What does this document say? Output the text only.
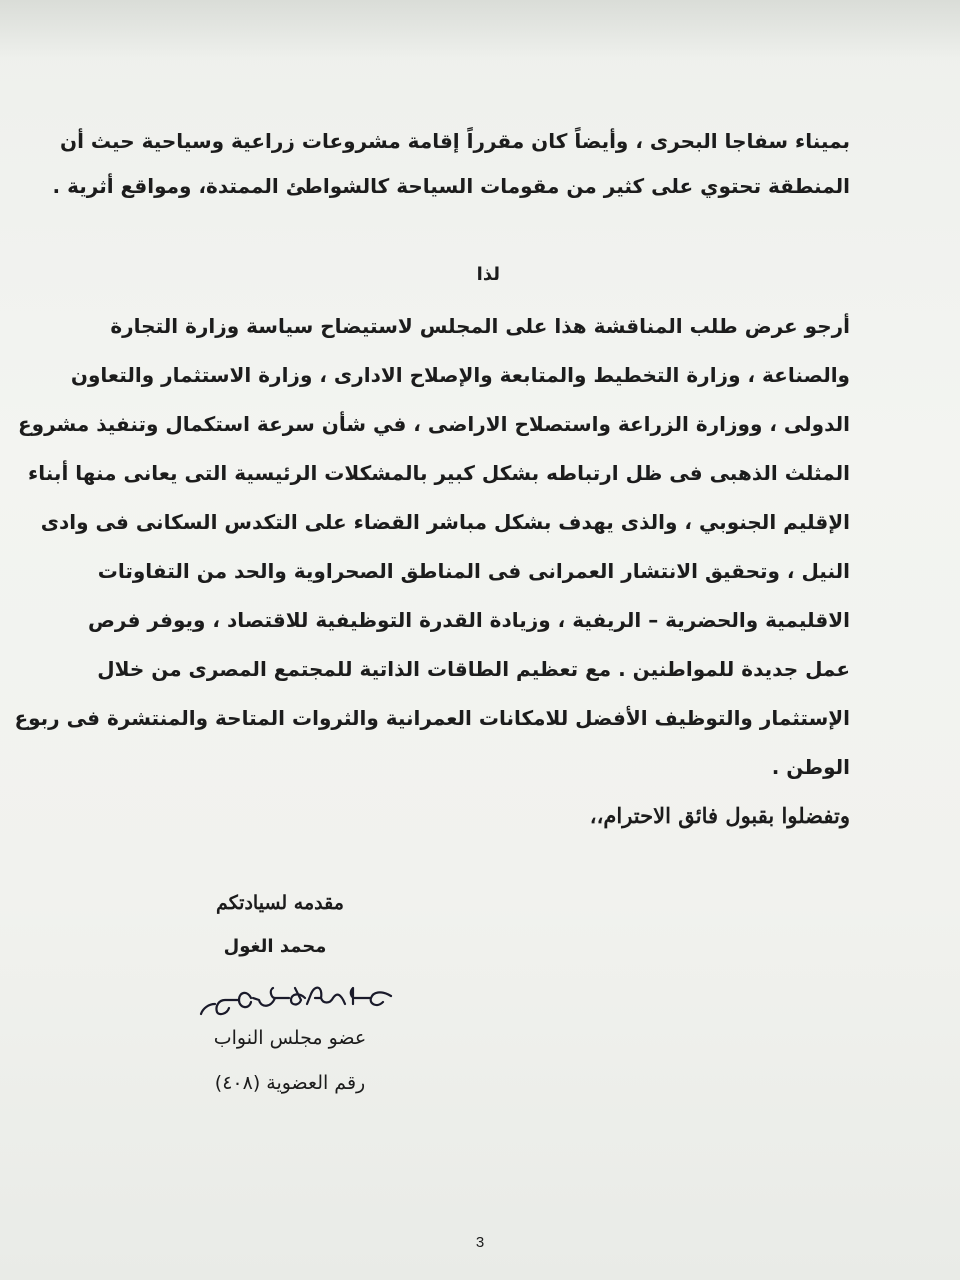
بميناء سفاجا البحرى ، وأيضاً كان مقرراً إقامة مشروعات زراعية وسياحية حيث أن
المنطقة تحتوي على كثير من مقومات السياحة كالشواطئ الممتدة، ومواقع أثرية .
لذا
أرجو عرض طلب المناقشة هذا على المجلس لاستيضاح سياسة وزارة التجارة
والصناعة ، وزارة التخطيط والمتابعة والإصلاح الادارى ، وزارة الاستثمار والتعاون
الدولى ، ووزارة الزراعة واستصلاح الاراضى ، في شأن سرعة استكمال وتنفيذ مشروع
المثلث الذهبى فى ظل ارتباطه بشكل كبير بالمشكلات الرئيسية التى يعانى منها أبناء
الإقليم الجنوبي ، والذى يهدف بشكل مباشر القضاء على التكدس السكانى فى وادى
النيل ، وتحقيق الانتشار العمرانى فى المناطق الصحراوية والحد من التفاوتات
الاقليمية والحضرية – الريفية ، وزيادة القدرة التوظيفية للاقتصاد ، ويوفر فرص
عمل جديدة للمواطنين . مع تعظيم الطاقات الذاتية للمجتمع المصرى من خلال
الإستثمار والتوظيف الأفضل للامكانات العمرانية والثروات المتاحة والمنتشرة فى ربوع
الوطن .
وتفضلوا بقبول فائق الاحترام،،
مقدمه لسيادتكم
محمد الغول
عضو مجلس النواب
رقم العضوية (٤٠٨)
3
